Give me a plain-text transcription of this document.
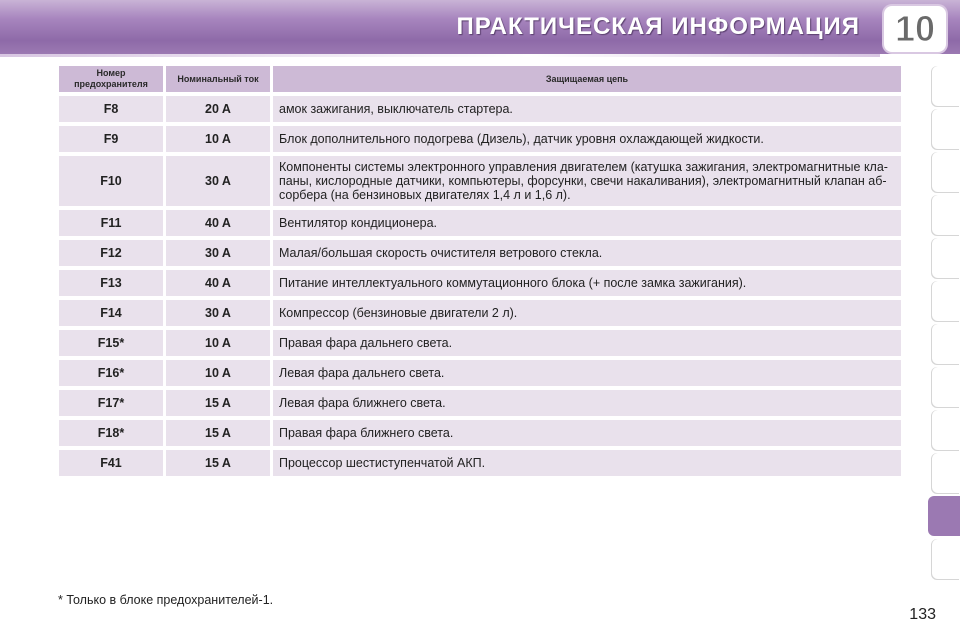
ПРАКТИЧЕСКАЯ ИНФОРМАЦИЯ 10
Номер предохранителя	Номинальный ток	Защищаемая цепь
F8	20 A	амок зажигания, выключатель стартера.
F9	10 A	Блок дополнительного подогрева (Дизель), датчик уровня охлаждающей жидкости.
F10	30 A	Компоненты системы электронного управления двигателем (катушка зажигания, электромагнитные кла-паны, кислородные датчики, компьютеры, форсунки, свечи накаливания), электромагнитный клапан аб-сорбера (на бензиновых двигателях 1,4 л и 1,6 л).
F11	40 A	Вентилятор кондиционера.
F12	30 A	Малая/большая скорость очистителя ветрового стекла.
F13	40 A	Питание интеллектуального коммутационного блока (+ после замка зажигания).
F14	30 A	Компрессор (бензиновые двигатели 2 л).
F15*	10 A	Правая фара дальнего света.
F16*	10 A	Левая фара дальнего света.
F17*	15 A	Левая фара ближнего света.
F18*	15 A	Правая фара ближнего света.
F41	15 A	Процессор шестиступенчатой АКП.
* Только в блоке предохранителей-1.
133
